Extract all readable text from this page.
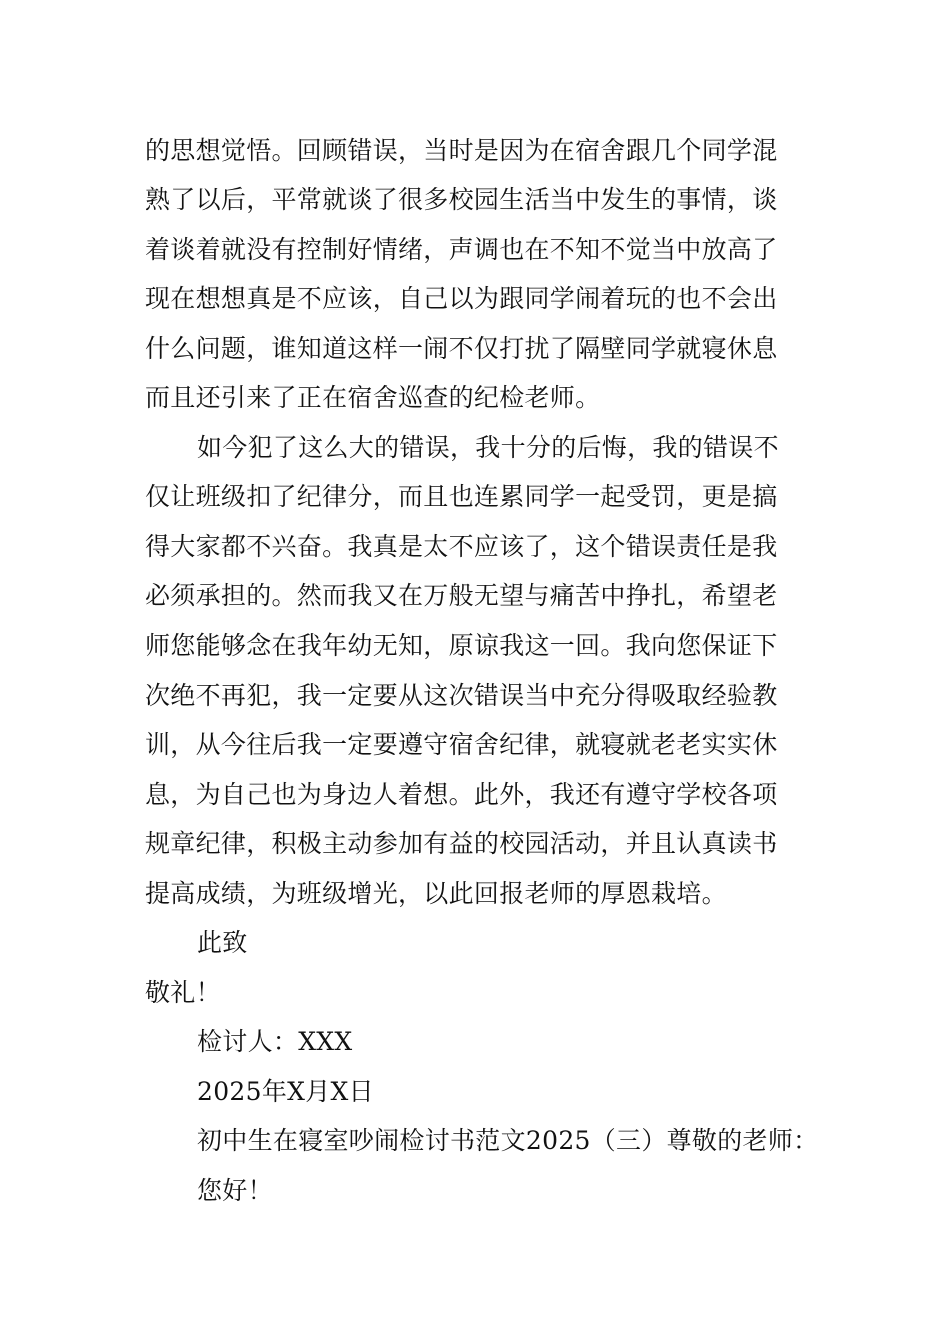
的思想觉悟。回顾错误，当时是因为在宿舍跟几个同学混
熟了以后，平常就谈了很多校园生活当中发生的事情，谈
着谈着就没有控制好情绪，声调也在不知不觉当中放高了
现在想想真是不应该，自己以为跟同学闹着玩的也不会出
什么问题，谁知道这样一闹不仅打扰了隔壁同学就寝休息
而且还引来了正在宿舍巡查的纪检老师。
如今犯了这么大的错误，我十分的后悔，我的错误不
仅让班级扣了纪律分，而且也连累同学一起受罚，更是搞
得大家都不兴奋。我真是太不应该了，这个错误责任是我
必须承担的。然而我又在万般无望与痛苦中挣扎，希望老
师您能够念在我年幼无知，原谅我这一回。我向您保证下
次绝不再犯，我一定要从这次错误当中充分得吸取经验教
训，从今往后我一定要遵守宿舍纪律，就寝就老老实实休
息，为自己也为身边人着想。此外，我还有遵守学校各项
规章纪律，积极主动参加有益的校园活动，并且认真读书
提高成绩，为班级增光，以此回报老师的厚恩栽培。
此致
敬礼！
检讨人：XXX
2025年X月X日
初中生在寝室吵闹检讨书范文2025（三）尊敬的老师：
您好！
